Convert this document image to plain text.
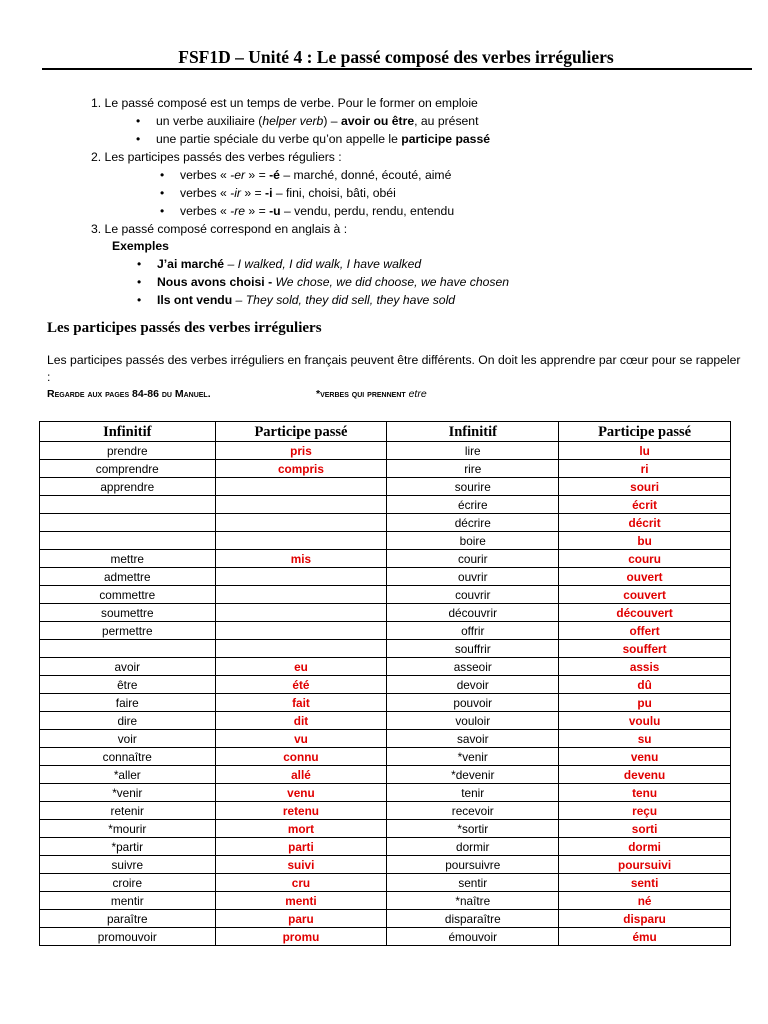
FSF1D – Unité 4 : Le passé composé des verbes irréguliers
1. Le passé composé est un temps de verbe. Pour le former on emploie
• un verbe auxiliaire (helper verb) – avoir ou être, au présent
• une partie spéciale du verbe qu’on appelle le participe passé
2. Les participes passés des verbes réguliers :
• verbes « -er » = -é – marché, donné, écouté, aimé
• verbes « -ir » = -i – fini, choisi, bâti, obéi
• verbes « -re » = -u – vendu, perdu, rendu, entendu
3. Le passé composé correspond en anglais à :
Exemples
• J’ai marché – I walked, I did walk, I have walked
• Nous avons choisi - We chose, we did choose, we have chosen
• Ils ont vendu – They sold, they did sell, they have sold
Les participes passés des verbes irréguliers
Les participes passés des verbes irréguliers en français peuvent être différents. On doit les apprendre par cœur pour se rappeler :
Regarde aux pages 84-86 du Manuel.	*verbes qui prennent etre
Infinitif	Participe passé	Infinitif	Participe passé
prendre	pris	lire	lu
comprendre	compris	rire	ri
apprendre		sourire	souri
		écrire	écrit
		décrire	décrit
		boire	bu
mettre	mis	courir	couru
admettre		ouvrir	ouvert
commettre		couvrir	couvert
soumettre		découvrir	découvert
permettre		offrir	offert
		souffrir	souffert
avoir	eu	asseoir	assis
être	été	devoir	dû
faire	fait	pouvoir	pu
dire	dit	vouloir	voulu
voir	vu	savoir	su
connaître	connu	*venir	venu
*aller	allé	*devenir	devenu
*venir	venu	tenir	tenu
retenir	retenu	recevoir	reçu
*mourir	mort	*sortir	sorti
*partir	parti	dormir	dormi
suivre	suivi	poursuivre	poursuivi
croire	cru	sentir	senti
mentir	menti	*naître	né
paraître	paru	disparaître	disparu
promouvoir	promu	émouvoir	ému
